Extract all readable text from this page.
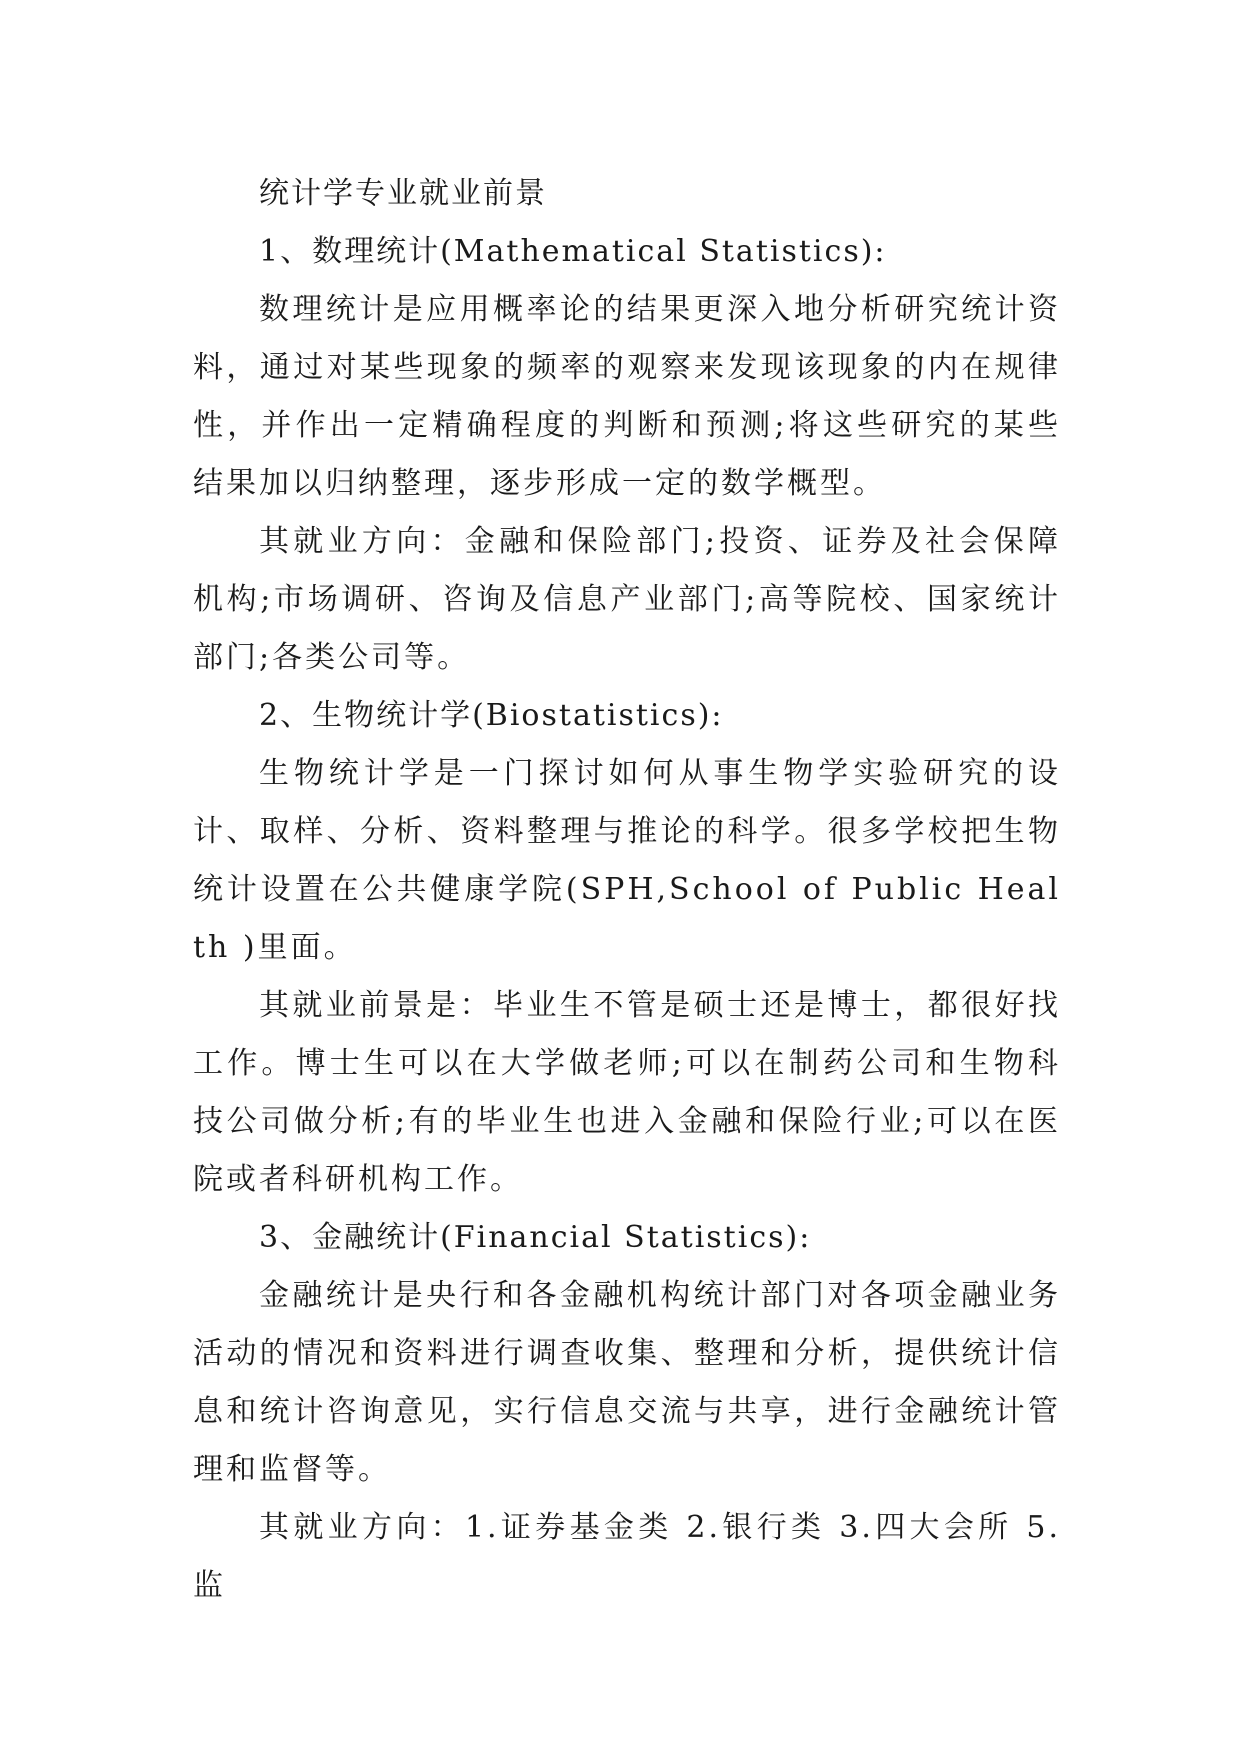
统计学专业就业前景

1、数理统计(Mathematical Statistics):

数理统计是应用概率论的结果更深入地分析研究统计资料，通过对某些现象的频率的观察来发现该现象的内在规律性，并作出一定精确程度的判断和预测;将这些研究的某些结果加以归纳整理，逐步形成一定的数学概型。

其就业方向：金融和保险部门;投资、证券及社会保障机构;市场调研、咨询及信息产业部门;高等院校、国家统计部门;各类公司等。

2、生物统计学(Biostatistics):

生物统计学是一门探讨如何从事生物学实验研究的设计、取样、分析、资料整理与推论的科学。很多学校把生物统计设置在公共健康学院(SPH,School of Public Health )里面。

其就业前景是：毕业生不管是硕士还是博士，都很好找工作。博士生可以在大学做老师;可以在制药公司和生物科技公司做分析;有的毕业生也进入金融和保险行业;可以在医院或者科研机构工作。

3、金融统计(Financial Statistics):

金融统计是央行和各金融机构统计部门对各项金融业务活动的情况和资料进行调查收集、整理和分析，提供统计信息和统计咨询意见，实行信息交流与共享，进行金融统计管理和监督等。

其就业方向：1.证券基金类 2.银行类 3.四大会所 5.监
